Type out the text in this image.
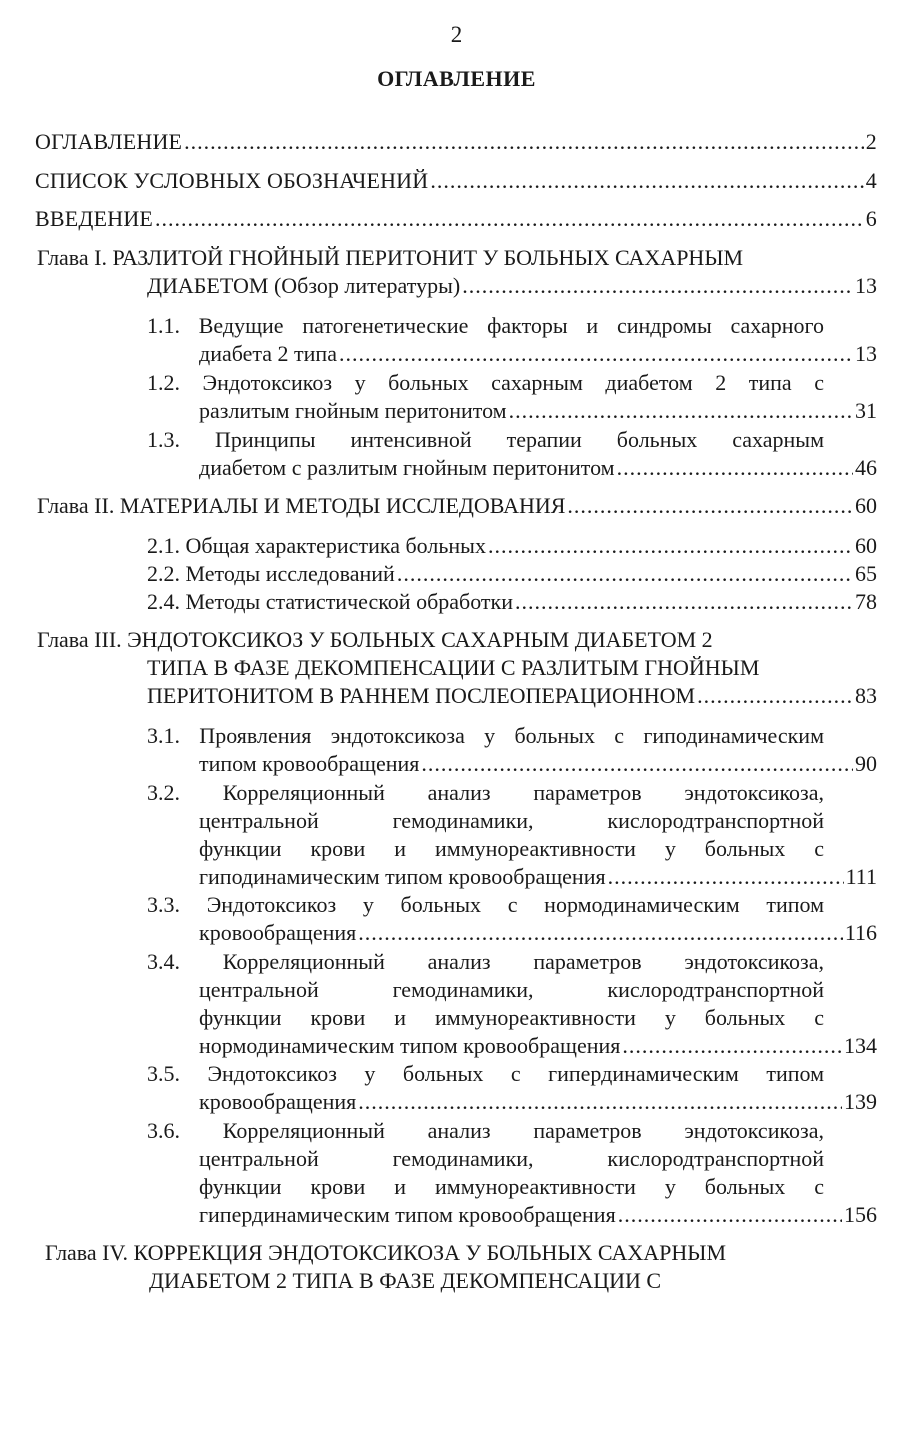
2
ОГЛАВЛЕНИЕ
ОГЛАВЛЕНИЕ .....	2
СПИСОК УСЛОВНЫХ ОБОЗНАЧЕНИЙ .....	4
ВВЕДЕНИЕ .....	6
Глава I. РАЗЛИТОЙ ГНОЙНЫЙ ПЕРИТОНИТ У БОЛЬНЫХ САХАРНЫМ
ДИАБЕТОМ (Обзор литературы) .....	13
1.1. Ведущие патогенетические факторы и синдромы сахарного
диабета 2 типа .....	13
1.2. Эндотоксикоз у больных сахарным диабетом 2 типа с
разлитым гнойным перитонитом .....	31
1.3. Принципы интенсивной терапии больных сахарным
диабетом с разлитым гнойным перитонитом .....	46
Глава II. МАТЕРИАЛЫ И МЕТОДЫ ИССЛЕДОВАНИЯ .....	60
2.1. Общая характеристика больных .....	60
2.2. Методы исследований .....	65
2.4. Методы статистической обработки .....	78
Глава III. ЭНДОТОКСИКОЗ У БОЛЬНЫХ САХАРНЫМ ДИАБЕТОМ 2
ТИПА В ФАЗЕ ДЕКОМПЕНСАЦИИ С РАЗЛИТЫМ ГНОЙНЫМ
ПЕРИТОНИТОМ В РАННЕМ ПОСЛЕОПЕРАЦИОННОМ .....	83
3.1. Проявления эндотоксикоза у больных с гиподинамическим
типом кровообращения .....	90
3.2. Корреляционный анализ параметров эндотоксикоза,
центральной гемодинамики, кислородтранспортной
функции крови и иммунореактивности у больных с
гиподинамическим типом кровообращения .....	111
3.3. Эндотоксикоз у больных с нормодинамическим типом
кровообращения .....	116
3.4. Корреляционный анализ параметров эндотоксикоза,
центральной гемодинамики, кислородтранспортной
функции крови и иммунореактивности у больных с
нормодинамическим типом кровообращения .....	134
3.5. Эндотоксикоз у больных с гипердинамическим типом
кровообращения .....	139
3.6. Корреляционный анализ параметров эндотоксикоза,
центральной гемодинамики, кислородтранспортной
функции крови и иммунореактивности у больных с
гипердинамическим типом кровообращения .....	156
Глава IV. КОРРЕКЦИЯ ЭНДОТОКСИКОЗА У БОЛЬНЫХ САХАРНЫМ
ДИАБЕТОМ 2 ТИПА В ФАЗЕ ДЕКОМПЕНСАЦИИ С
